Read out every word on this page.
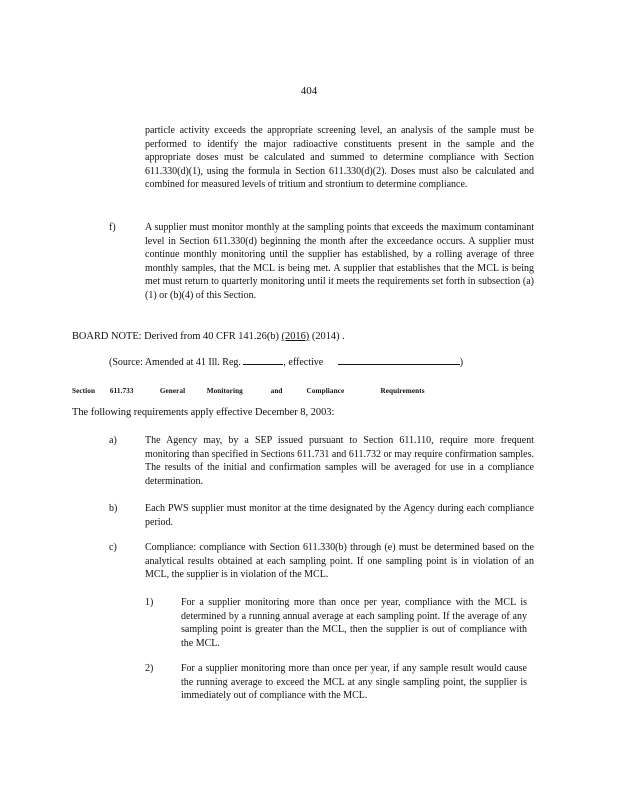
404
particle activity exceeds the appropriate screening level, an analysis of the sample must be performed to identify the major radioactive constituents present in the sample and the appropriate doses must be calculated and summed to determine compliance with Section 611.330(d)(1), using the formula in Section 611.330(d)(2). Doses must also be calculated and combined for measured levels of tritium and strontium to determine compliance.
f)	A supplier must monitor monthly at the sampling points that exceeds the maximum contaminant level in Section 611.330(d) beginning the month after the exceedance occurs. A supplier must continue monthly monitoring until the supplier has established, by a rolling average of three monthly samples, that the MCL is being met. A supplier that establishes that the MCL is being met must return to quarterly monitoring until it meets the requirements set forth in subsection (a)(1) or (b)(4) of this Section.
BOARD NOTE: Derived from 40 CFR 141.26(b) (2016) (2014) .
(Source: Amended at 41 Ill. Reg.	, effective	)
Section 611.733	General	Monitoring	and	Compliance	Requirements
The following requirements apply effective December 8, 2003:
a)	The Agency may, by a SEP issued pursuant to Section 611.110, require more frequent monitoring than specified in Sections 611.731 and 611.732 or may require confirmation samples. The results of the initial and confirmation samples will be averaged for use in a compliance determination.
b)	Each PWS supplier must monitor at the time designated by the Agency during each compliance period.
c)	Compliance: compliance with Section 611.330(b) through (e) must be determined based on the analytical results obtained at each sampling point. If one sampling point is in violation of an MCL, the supplier is in violation of the MCL.
1)	For a supplier monitoring more than once per year, compliance with the MCL is determined by a running annual average at each sampling point. If the average of any sampling point is greater than the MCL, then the supplier is out of compliance with the MCL.
2)	For a supplier monitoring more than once per year, if any sample result would cause the running average to exceed the MCL at any single sampling point, the supplier is immediately out of compliance with the MCL.
